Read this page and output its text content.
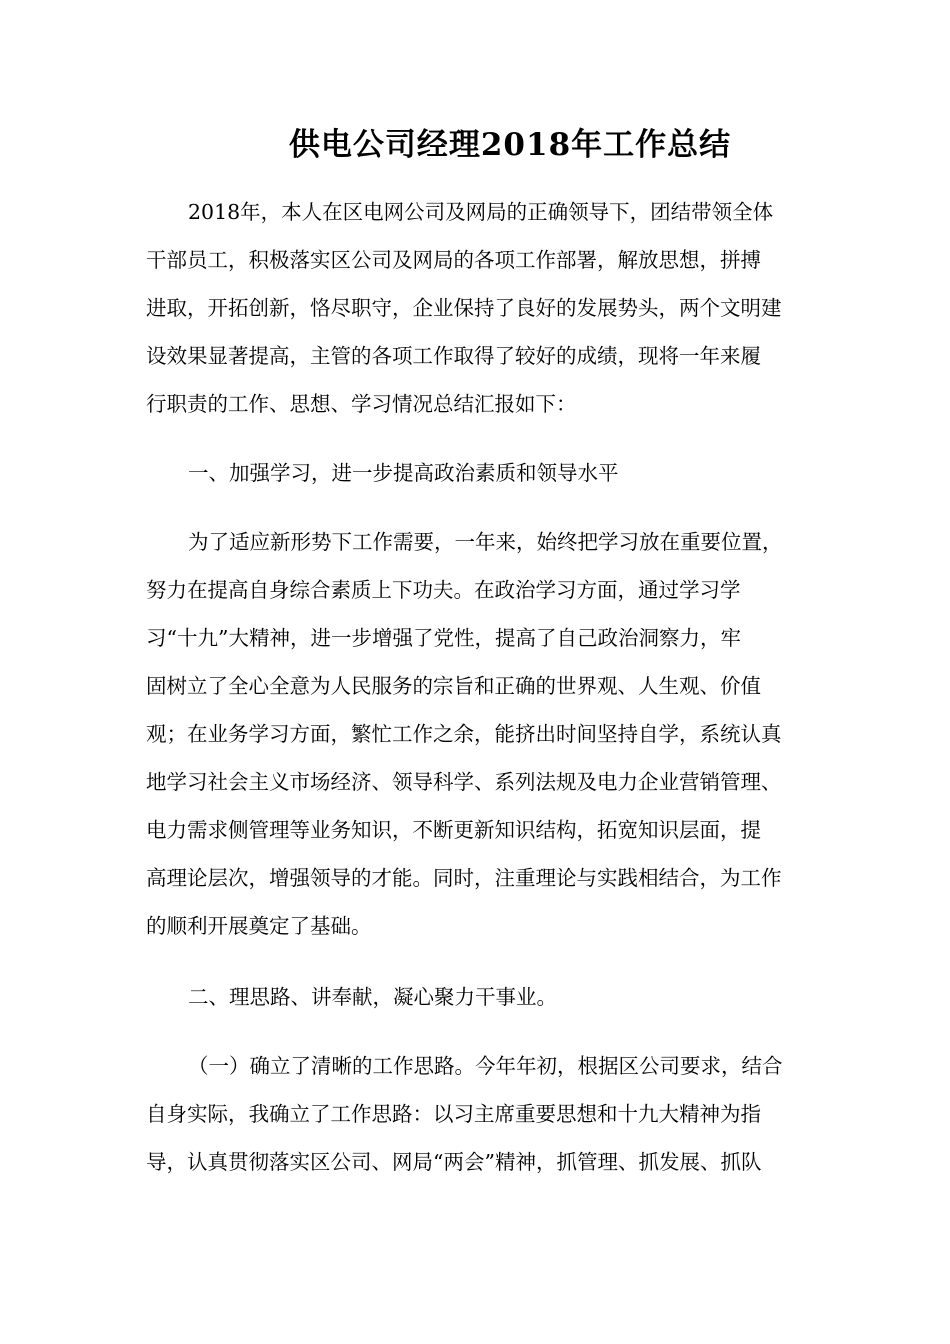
供电公司经理2018年工作总结

2018年，本人在区电网公司及网局的正确领导下，团结带领全体

干部员工，积极落实区公司及网局的各项工作部署，解放思想，拼搏

进取，开拓创新，恪尽职守，企业保持了良好的发展势头，两个文明建

设效果显著提高，主管的各项工作取得了较好的成绩，现将一年来履

行职责的工作、思想、学习情况总结汇报如下：

一、加强学习，进一步提高政治素质和领导水平

为了适应新形势下工作需要，一年来，始终把学习放在重要位置，

努力在提高自身综合素质上下功夫。在政治学习方面，通过学习学

习“十九”大精神，进一步增强了党性，提高了自己政治洞察力，牢

固树立了全心全意为人民服务的宗旨和正确的世界观、人生观、价值

观；在业务学习方面，繁忙工作之余，能挤出时间坚持自学，系统认真

地学习社会主义市场经济、领导科学、系列法规及电力企业营销管理、

电力需求侧管理等业务知识，不断更新知识结构，拓宽知识层面，提

高理论层次，增强领导的才能。同时，注重理论与实践相结合，为工作

的顺利开展奠定了基础。

二、理思路、讲奉献，凝心聚力干事业。

（一）确立了清晰的工作思路。今年年初，根据区公司要求，结合

自身实际，我确立了工作思路：以习主席重要思想和十九大精神为指

导，认真贯彻落实区公司、网局“两会”精神，抓管理、抓发展、抓队
